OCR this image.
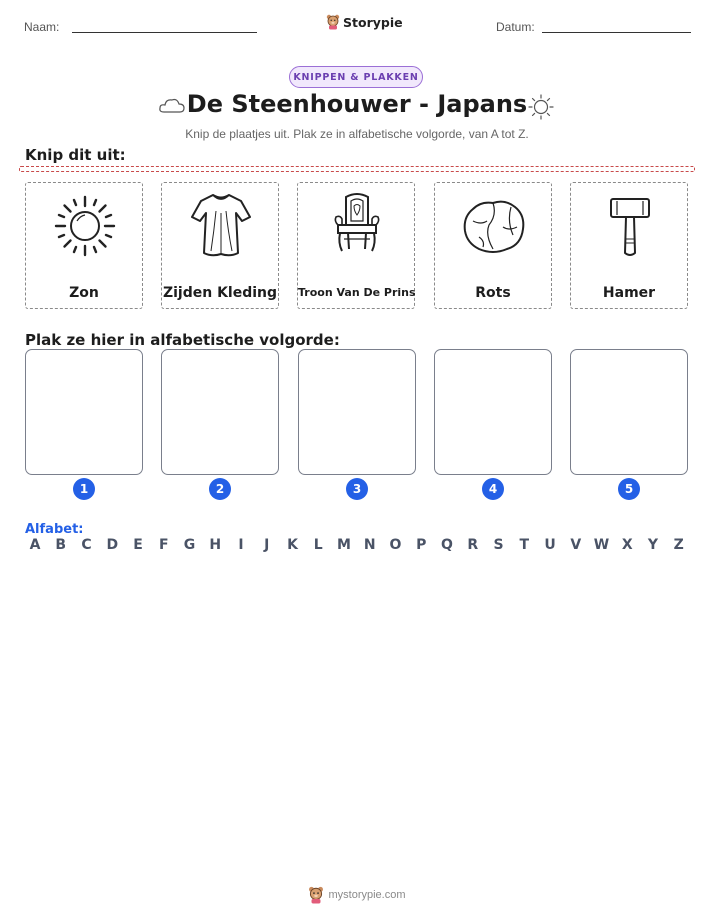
Naam:	Storypie	Datum:
KNIPPEN & PLAKKEN
De Steenhouwer - Japans
Knip de plaatjes uit. Plak ze in alfabetische volgorde, van A tot Z.
Knip dit uit:
Zon	Zijden Kleding Troon Van De Prins	Rots	Hamer
Plak ze hier in alfabetische volgorde:
1	2	3	4	5
Alfabet:
A	B	C	D	E	F	G	H	I	J	K	L	M N O	P	Q	R	S	T	U	V W X	Y	Z
mystorypie.com
